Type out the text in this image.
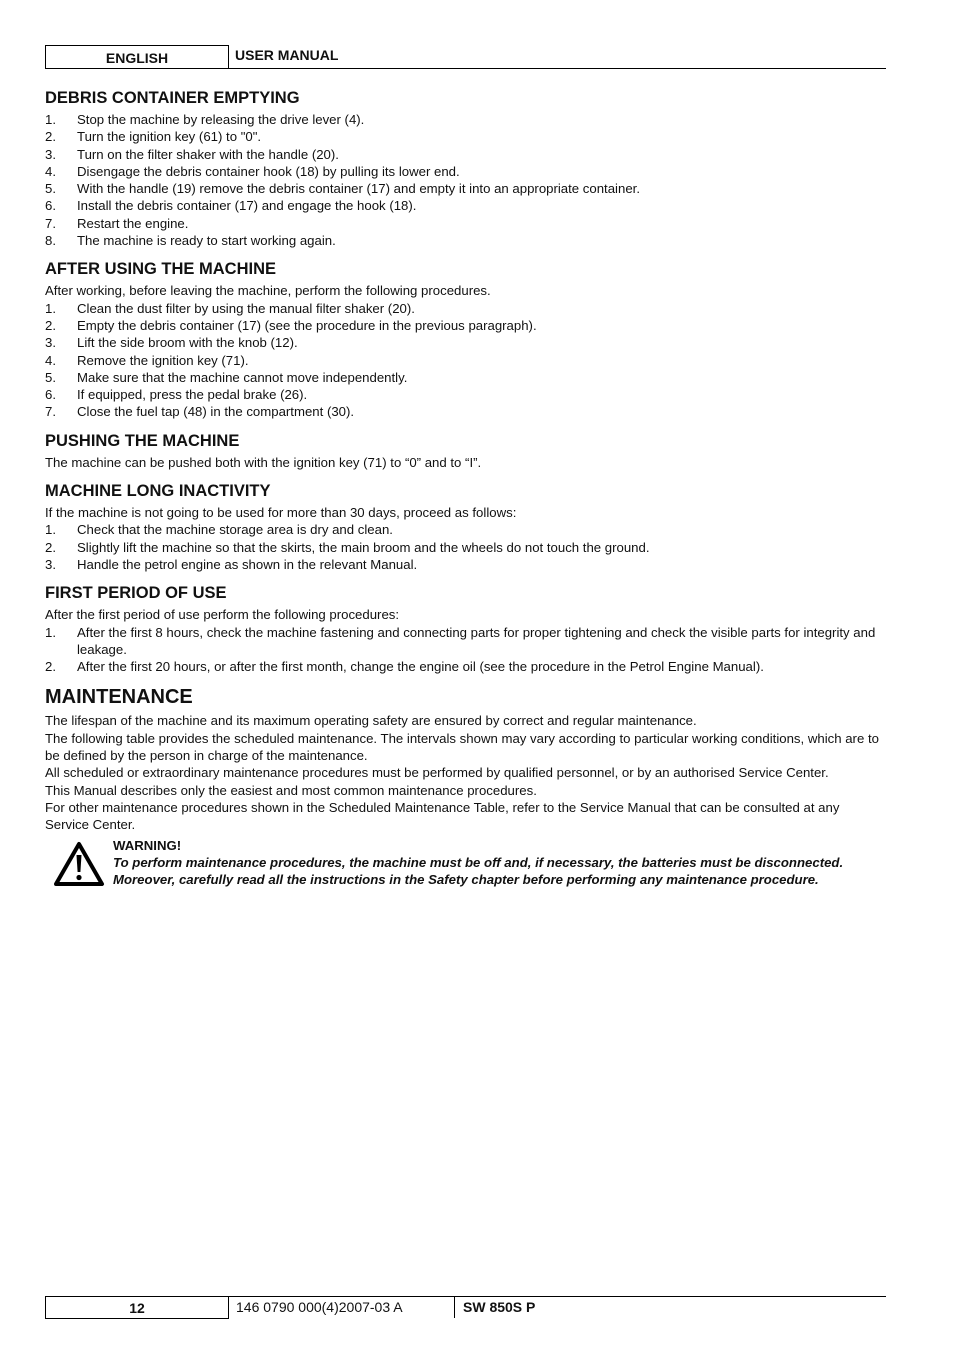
ENGLISH	USER MANUAL
DEBRIS CONTAINER EMPTYING
1. Stop the machine by releasing the drive lever (4).
2. Turn the ignition key (61) to "0".
3. Turn on the filter shaker with the handle (20).
4. Disengage the debris container hook (18) by pulling its lower end.
5. With the handle (19) remove the debris container (17) and empty it into an appropriate container.
6. Install the debris container (17) and engage the hook (18).
7. Restart the engine.
8. The machine is ready to start working again.
AFTER USING THE MACHINE

After working, before leaving the machine, perform the following procedures.

1. Clean the dust filter by using the manual filter shaker (20).
2. Empty the debris container (17) (see the procedure in the previous paragraph).
3. Lift the side broom with the knob (12).
4. Remove the ignition key (71).
5. Make sure that the machine cannot move independently.
6. If equipped, press the pedal brake (26).
7. Close the fuel tap (48) in the compartment (30).
PUSHING THE MACHINE

The machine can be pushed both with the ignition key (71) to “0” and to “I”.

MACHINE LONG INACTIVITY

If the machine is not going to be used for more than 30 days, proceed as follows:

1. Check that the machine storage area is dry and clean.
2. Slightly lift the machine so that the skirts, the main broom and the wheels do not touch the ground.
3. Handle the petrol engine as shown in the relevant Manual.
FIRST PERIOD OF USE

After the first period of use perform the following procedures:

1. After the first 8 hours, check the machine fastening and connecting parts for proper tightening and check the visible parts for integrity and leakage.
2. After the first 20 hours, or after the first month, change the engine oil (see the procedure in the Petrol Engine Manual).
MAINTENANCE

The lifespan of the machine and its maximum operating safety are ensured by correct and regular maintenance.

The following table provides the scheduled maintenance. The intervals shown may vary according to particular working conditions, which are to be defined by the person in charge of the maintenance.

All scheduled or extraordinary maintenance procedures must be performed by qualified personnel, or by an authorised Service Center.

This Manual describes only the easiest and most common maintenance procedures.

For other maintenance procedures shown in the Scheduled Maintenance Table, refer to the Service Manual that can be consulted at any Service Center.

WARNING!
To perform maintenance procedures, the machine must be off and, if necessary, the batteries must be disconnected.
Moreover, carefully read all the instructions in the Safety chapter before performing any maintenance procedure.
12	146 0790 000(4)2007-03 A	SW 850S P
